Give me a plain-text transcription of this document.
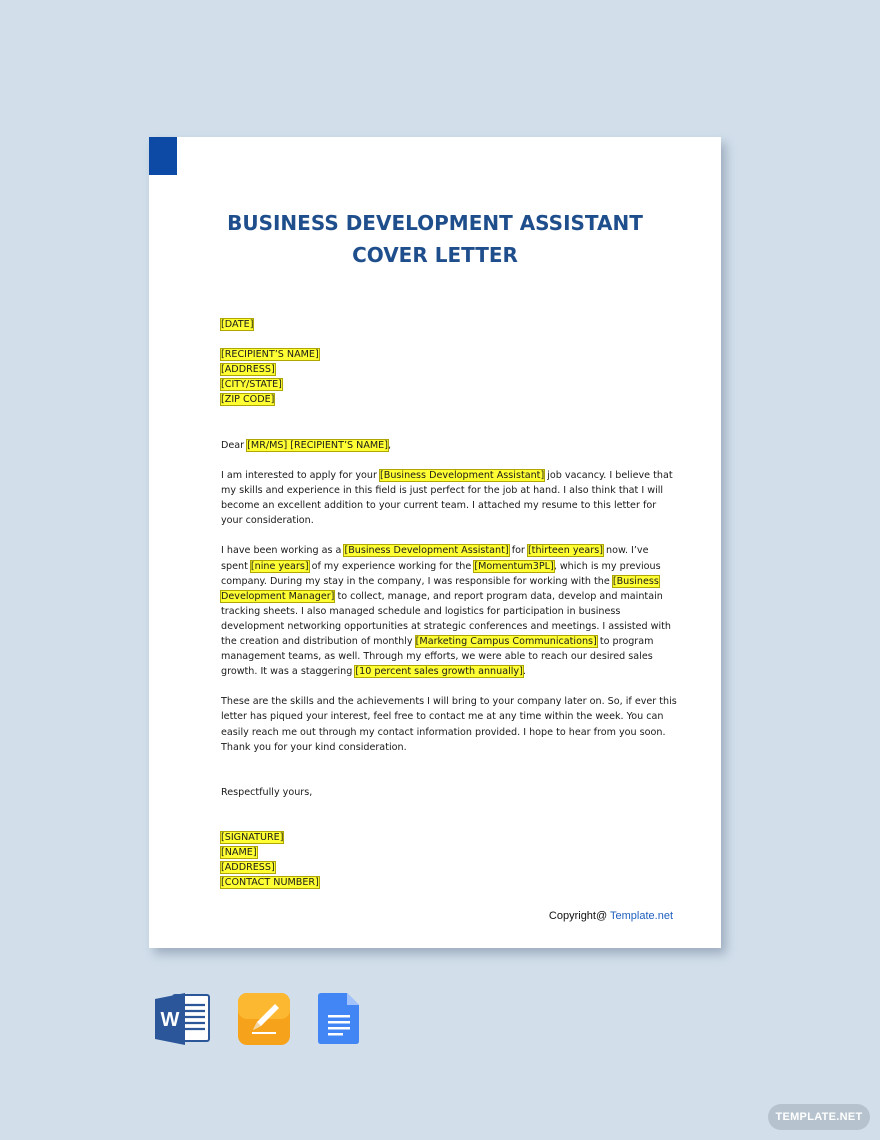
BUSINESS DEVELOPMENT ASSISTANT
COVER LETTER

[DATE]

[RECIPIENT’S NAME]

[ADDRESS]

[CITY/STATE]

[ZIP CODE]

Dear [MR/MS] [RECIPIENT’S NAME],

I am interested to apply for your [Business Development Assistant] job vacancy. I believe that my skills and experience in this field is just perfect for the job at hand. I also think that I will become an excellent addition to your current team. I attached my resume to this letter for your consideration.

I have been working as a [Business Development Assistant] for [thirteen years] now. I’ve spent [nine years] of my experience working for the [Momentum3PL], which is my previous company. During my stay in the company, I was responsible for working with the [Business Development Manager] to collect, manage, and report program data, develop and maintain tracking sheets. I also managed schedule and logistics for participation in business development networking opportunities at strategic conferences and meetings. I assisted with the creation and distribution of monthly [Marketing Campus Communications] to program management teams, as well. Through my efforts, we were able to reach our desired sales growth. It was a staggering [10 percent sales growth annually].

These are the skills and the achievements I will bring to your company later on. So, if ever this letter has piqued your interest, feel free to contact me at any time within the week. You can easily reach me out through my contact information provided. I hope to hear from you soon. Thank you for your kind consideration.

Respectfully yours,

[SIGNATURE]

[NAME]

[ADDRESS]

[CONTACT NUMBER]

Copyright@ Template.net
W
TEMPLATE.NET
